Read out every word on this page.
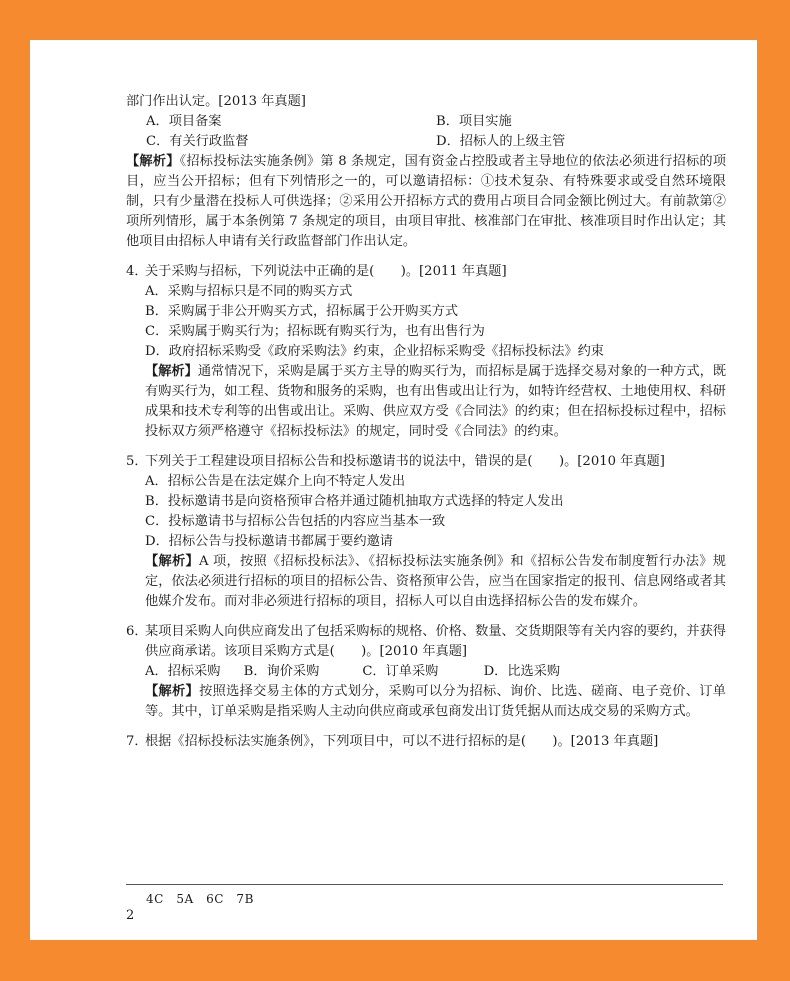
部门作出认定。[2013 年真题]

A．项目备案	B．项目实施
C．有关行政监督	D．招标人的上级主管

【解析】《招标投标法实施条例》第 8 条规定，国有资金占控股或者主导地位的依法必须进行招标的项目，应当公开招标；但有下列情形之一的，可以邀请招标：①技术复杂、有特殊要求或受自然环境限制，只有少量潜在投标人可供选择；②采用公开招标方式的费用占项目合同金额比例过大。有前款第②项所列情形，属于本条例第 7 条规定的项目，由项目审批、核准部门在审批、核准项目时作出认定；其他项目由招标人申请有关行政监督部门作出认定。

4．

关于采购与招标，下列说法中正确的是(　　)。[2011 年真题]

A．采购与招标只是不同的购买方式
B．采购属于非公开购买方式，招标属于公开购买方式
C．采购属于购买行为；招标既有购买行为，也有出售行为
D．政府招标采购受《政府采购法》约束，企业招标采购受《招标投标法》约束

【解析】通常情况下，采购是属于买方主导的购买行为，而招标是属于选择交易对象的一种方式，既有购买行为，如工程、货物和服务的采购，也有出售或出让行为，如特许经营权、土地使用权、科研成果和技术专利等的出售或出让。采购、供应双方受《合同法》的约束；但在招标投标过程中，招标投标双方须严格遵守《招标投标法》的规定，同时受《合同法》的约束。

5．

下列关于工程建设项目招标公告和投标邀请书的说法中，错误的是(　　)。[2010 年真题]

A．招标公告是在法定媒介上向不特定人发出
B．投标邀请书是向资格预审合格并通过随机抽取方式选择的特定人发出
C．投标邀请书与招标公告包括的内容应当基本一致
D．招标公告与投标邀请书都属于要约邀请

【解析】A 项，按照《招标投标法》、《招标投标法实施条例》和《招标公告发布制度暂行办法》规定，依法必须进行招标的项目的招标公告、资格预审公告，应当在国家指定的报刊、信息网络或者其他媒介发布。而对非必须进行招标的项目，招标人可以自由选择招标公告的发布媒介。

6．

某项目采购人向供应商发出了包括采购标的规格、价格、数量、交货期限等有关内容的要约，并获得供应商承诺。该项目采购方式是(　　)。[2010 年真题]

A．招标采购	B．询价采购	C．订单采购	D．比选采购

【解析】按照选择交易主体的方式划分，采购可以分为招标、询价、比选、磋商、电子竞价、订单等。其中，订单采购是指采购人主动向供应商或承包商发出订货凭据从而达成交易的采购方式。

7．

根据《招标投标法实施条例》，下列项目中，可以不进行招标的是(　　)。[2013 年真题]

4C　5A　6C　7B
2
